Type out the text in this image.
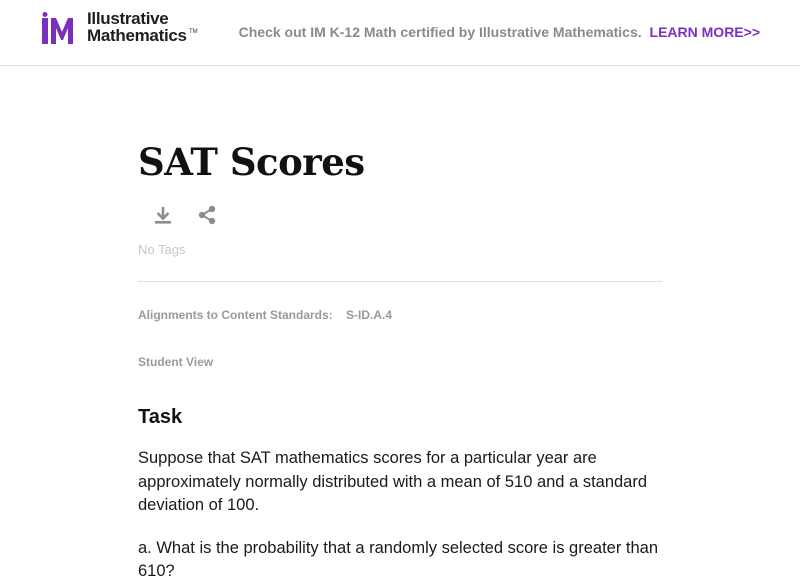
Illustrative
Mathematics TM	Check out IM K-12 Math certified by Illustrative Mathematics. LEARN MORE>>
SAT Scores
No Tags
Alignments to Content Standards: S-ID.A.4
Student View
Task

Suppose that SAT mathematics scores for a particular year are approximately normally distributed with a mean of 510 and a standard deviation of 100.

a. What is the probability that a randomly selected score is greater than 610?
